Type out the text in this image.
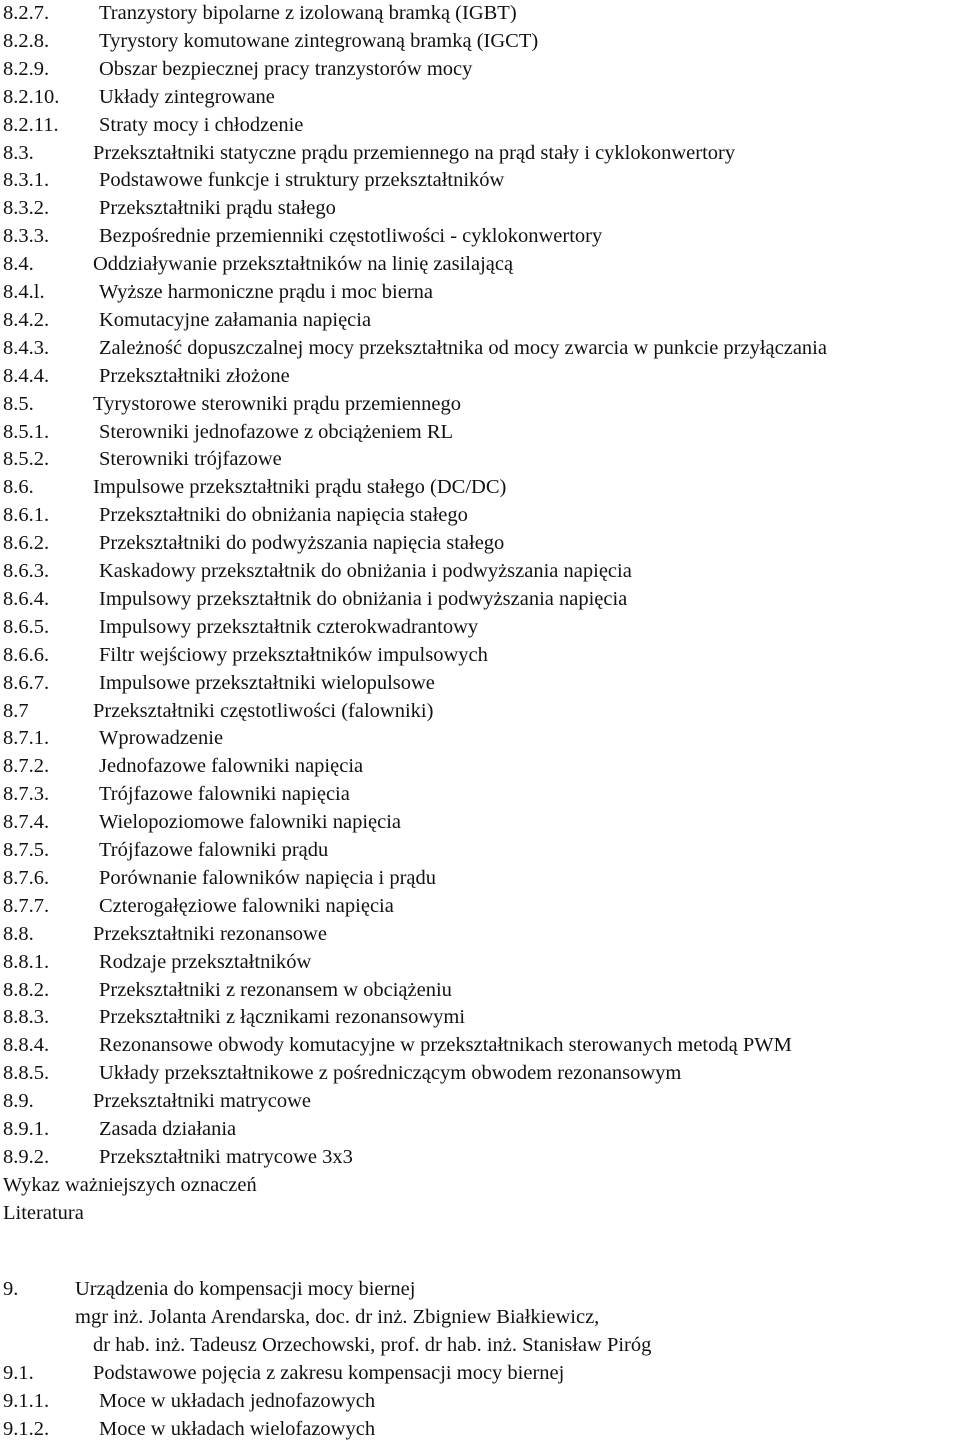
8.2.7. Tranzystory bipolarne z izolowaną bramką (IGBT)
8.2.8. Tyrystory komutowane zintegrowaną bramką (IGCT)
8.2.9. Obszar bezpiecznej pracy tranzystorów mocy
8.2.10. Układy zintegrowane
8.2.11. Straty mocy i chłodzenie
8.3.	Przekształtniki statyczne prądu przemiennego na prąd stały i cyklokonwertory
8.3.1. Podstawowe funkcje i struktury przekształtników
8.3.2. Przekształtniki prądu stałego
8.3.3. Bezpośrednie przemienniki częstotliwości - cyklokonwertory
8.4.	Oddziaływanie przekształtników na linię zasilającą
8.4.l.	Wyższe harmoniczne prądu i moc bierna
8.4.2. Komutacyjne załamania napięcia
8.4.3. Zależność dopuszczalnej mocy przekształtnika od mocy zwarcia w punkcie przyłączania
8.4.4. Przekształtniki złożone
8.5.	Tyrystorowe sterowniki prądu przemiennego
8.5.1. Sterowniki jednofazowe z obciążeniem RL
8.5.2. Sterowniki trójfazowe
8.6.	Impulsowe przekształtniki prądu stałego (DC/DC)
8.6.1. Przekształtniki do obniżania napięcia stałego
8.6.2. Przekształtniki do podwyższania napięcia stałego
8.6.3. Kaskadowy przekształtnik do obniżania i podwyższania napięcia
8.6.4. Impulsowy przekształtnik do obniżania i podwyższania napięcia
8.6.5. Impulsowy przekształtnik czterokwadrantowy
8.6.6. Filtr wejściowy przekształtników impulsowych
8.6.7. Impulsowe przekształtniki wielopulsowe
8.7	Przekształtniki częstotliwości (falowniki)
8.7.1. Wprowadzenie
8.7.2. Jednofazowe falowniki napięcia
8.7.3. Trójfazowe falowniki napięcia
8.7.4. Wielopoziomowe falowniki napięcia
8.7.5. Trójfazowe falowniki prądu
8.7.6. Porównanie falowników napięcia i prądu
8.7.7. Czterogałęziowe falowniki napięcia
8.8.	Przekształtniki rezonansowe
8.8.1. Rodzaje przekształtników
8.8.2. Przekształtniki z rezonansem w obciążeniu
8.8.3. Przekształtniki z łącznikami rezonansowymi
8.8.4. Rezonansowe obwody komutacyjne w przekształtnikach sterowanych metodą PWM
8.8.5. Układy przekształtnikowe z pośredniczącym obwodem rezonansowym
8.9.	Przekształtniki matrycowe
8.9.1. Zasada działania
8.9.2. Przekształtniki matrycowe 3x3
Wykaz ważniejszych oznaczeń
Literatura
9.	Urządzenia do kompensacji mocy biernej
mgr inż. Jolanta Arendarska, doc. dr inż. Zbigniew Białkiewicz,
dr hab. inż. Tadeusz Orzechowski, prof. dr hab. inż. Stanisław Piróg
9.1.	Podstawowe pojęcia z zakresu kompensacji mocy biernej
9.1.1. Moce w układach jednofazowych
9.1.2. Moce w układach wielofazowych
